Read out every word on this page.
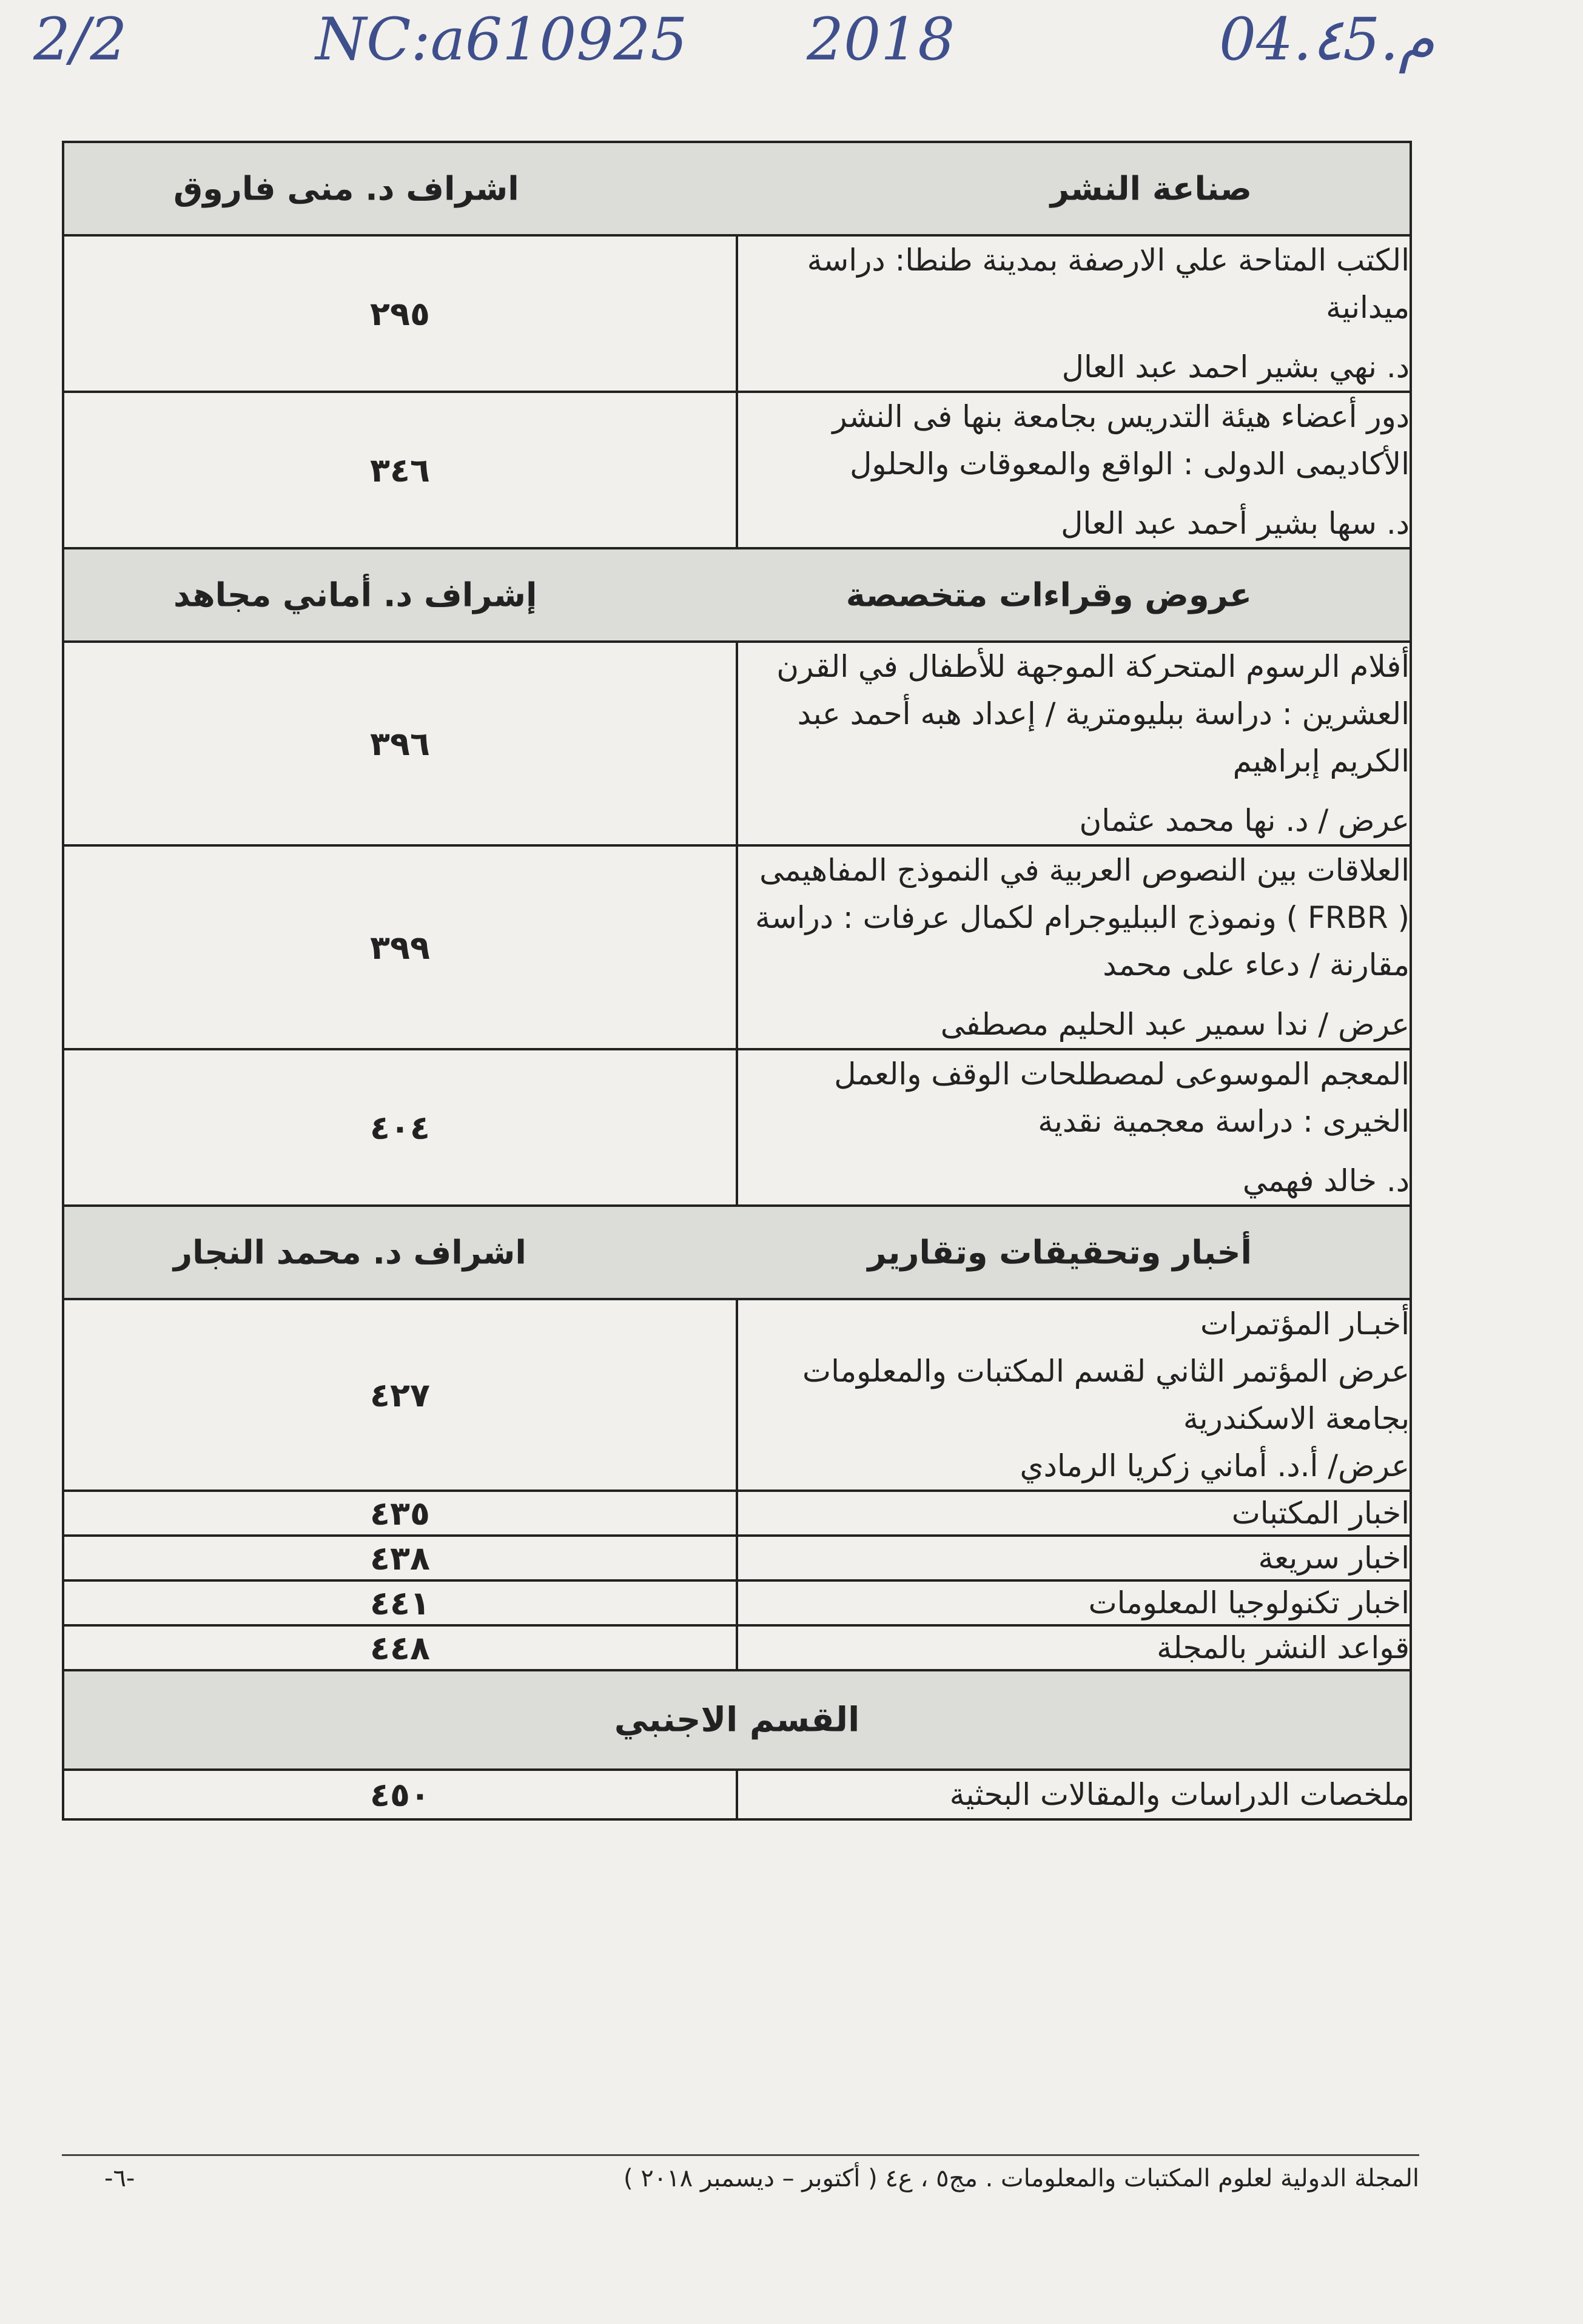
2/2	NC:a610925 2018	04.٤5.م
صناعة النشر
اشراف د. منى فاروق	

الكتب المتاحة علي الارصفة بمدينة طنطا: دراسة ميدانية
د. نهي بشير احمد عبد العال	٢٩٥

دور أعضاء هيئة التدريس بجامعة بنها فى النشر الأكاديمى الدولى : الواقع والمعوقات والحلول
د. سها بشير أحمد عبد العال	٣٤٦

عروض وقراءات متخصصة
إشراف د. أماني مجاهد	

أفلام الرسوم المتحركة الموجهة للأطفال في القرن العشرين : دراسة ببليومترية / إعداد هبه أحمد عبد الكريم إبراهيم
عرض / د. نها محمد عثمان	٣٩٦

العلاقات بين النصوص العربية في النموذج المفاهيمى ( FRBR ) ونموذج الببليوجرام لكمال عرفات : دراسة مقارنة / دعاء على محمد
عرض / ندا سمير عبد الحليم مصطفى	٣٩٩

المعجم الموسوعى لمصطلحات الوقف والعمل الخيرى : دراسة معجمية نقدية
د. خالد فهمي	٤٠٤

أخبار وتحقيقات وتقارير
اشراف د. محمد النجار	

أخبـار المؤتمرات
عرض المؤتمر الثاني لقسم المكتبات والمعلومات بجامعة الاسكندرية
عرض/ أ.د. أماني زكريا الرمادي	٤٢٧
اخبار المكتبات	٤٣٥
اخبار سريعة	٤٣٨
اخبار تكنولوجيا المعلومات	٤٤١
قواعد النشر بالمجلة	٤٤٨

القسم الاجنبي	

ملخصات الدراسات والمقالات البحثية	٤٥٠
المجلة الدولية لعلوم المكتبات والمعلومات . مج٥ ، ع٤ ( أكتوبر – ديسمبر ٢٠١٨ )
-٦-
